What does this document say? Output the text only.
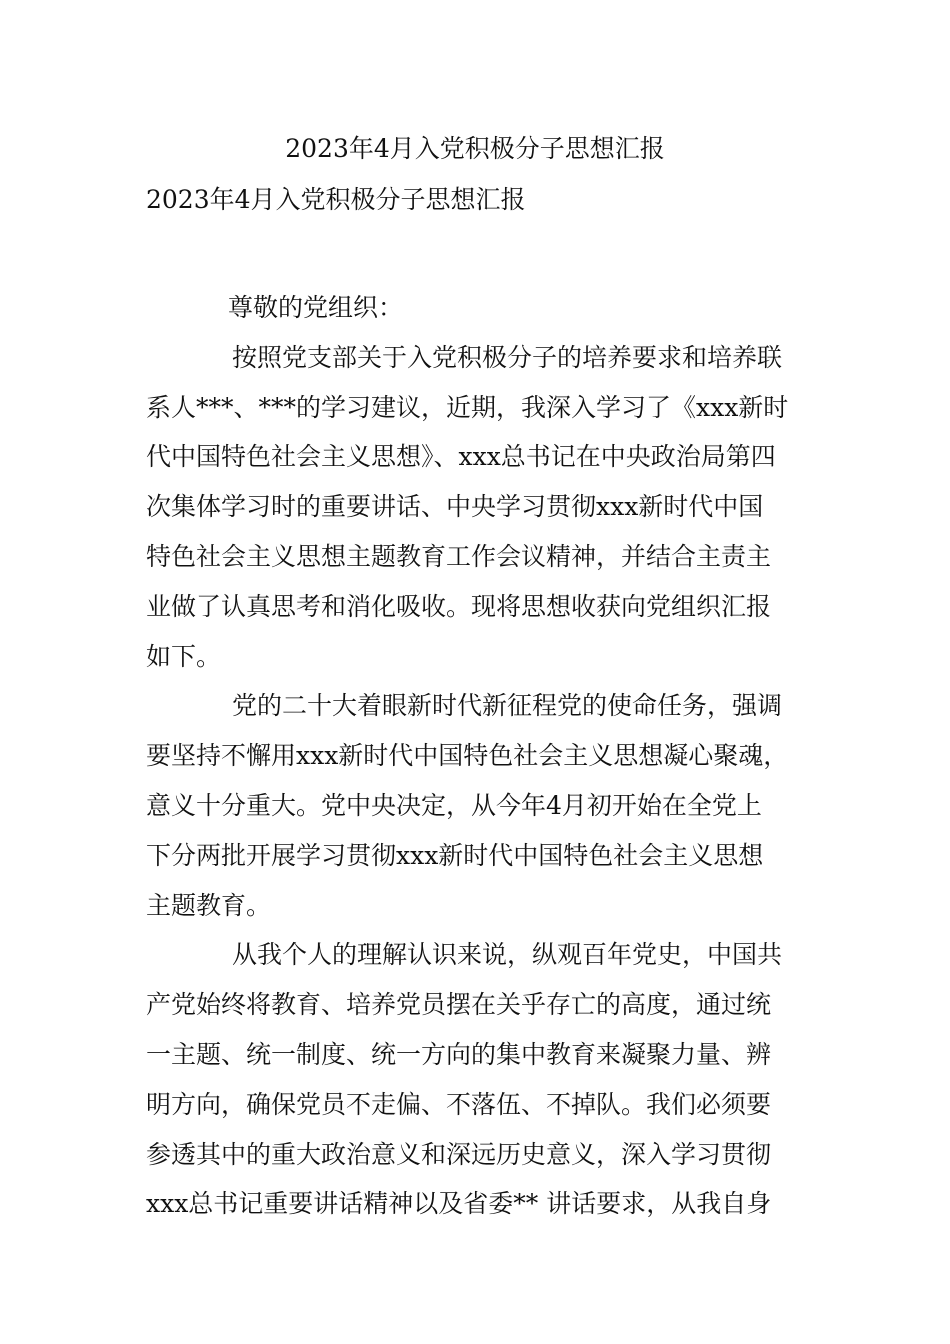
2023年4月入党积极分子思想汇报
2023年4月入党积极分子思想汇报
尊敬的党组织：
按照党支部关于入党积极分子的培养要求和培养联
系人***、***的学习建议，近期，我深入学习了《xxx新时
代中国特色社会主义思想》、xxx总书记在中央政治局第四
次集体学习时的重要讲话、中央学习贯彻xxx新时代中国
特色社会主义思想主题教育工作会议精神，并结合主责主
业做了认真思考和消化吸收。现将思想收获向党组织汇报
如下。
党的二十大着眼新时代新征程党的使命任务，强调
要坚持不懈用xxx新时代中国特色社会主义思想凝心聚魂，
意义十分重大。党中央决定，从今年4月初开始在全党上
下分两批开展学习贯彻xxx新时代中国特色社会主义思想
主题教育。
从我个人的理解认识来说，纵观百年党史，中国共
产党始终将教育、培养党员摆在关乎存亡的高度，通过统
一主题、统一制度、统一方向的集中教育来凝聚力量、辨
明方向，确保党员不走偏、不落伍、不掉队。我们必须要
参透其中的重大政治意义和深远历史意义，深入学习贯彻
xxx总书记重要讲话精神以及省委** 讲话要求，从我自身
